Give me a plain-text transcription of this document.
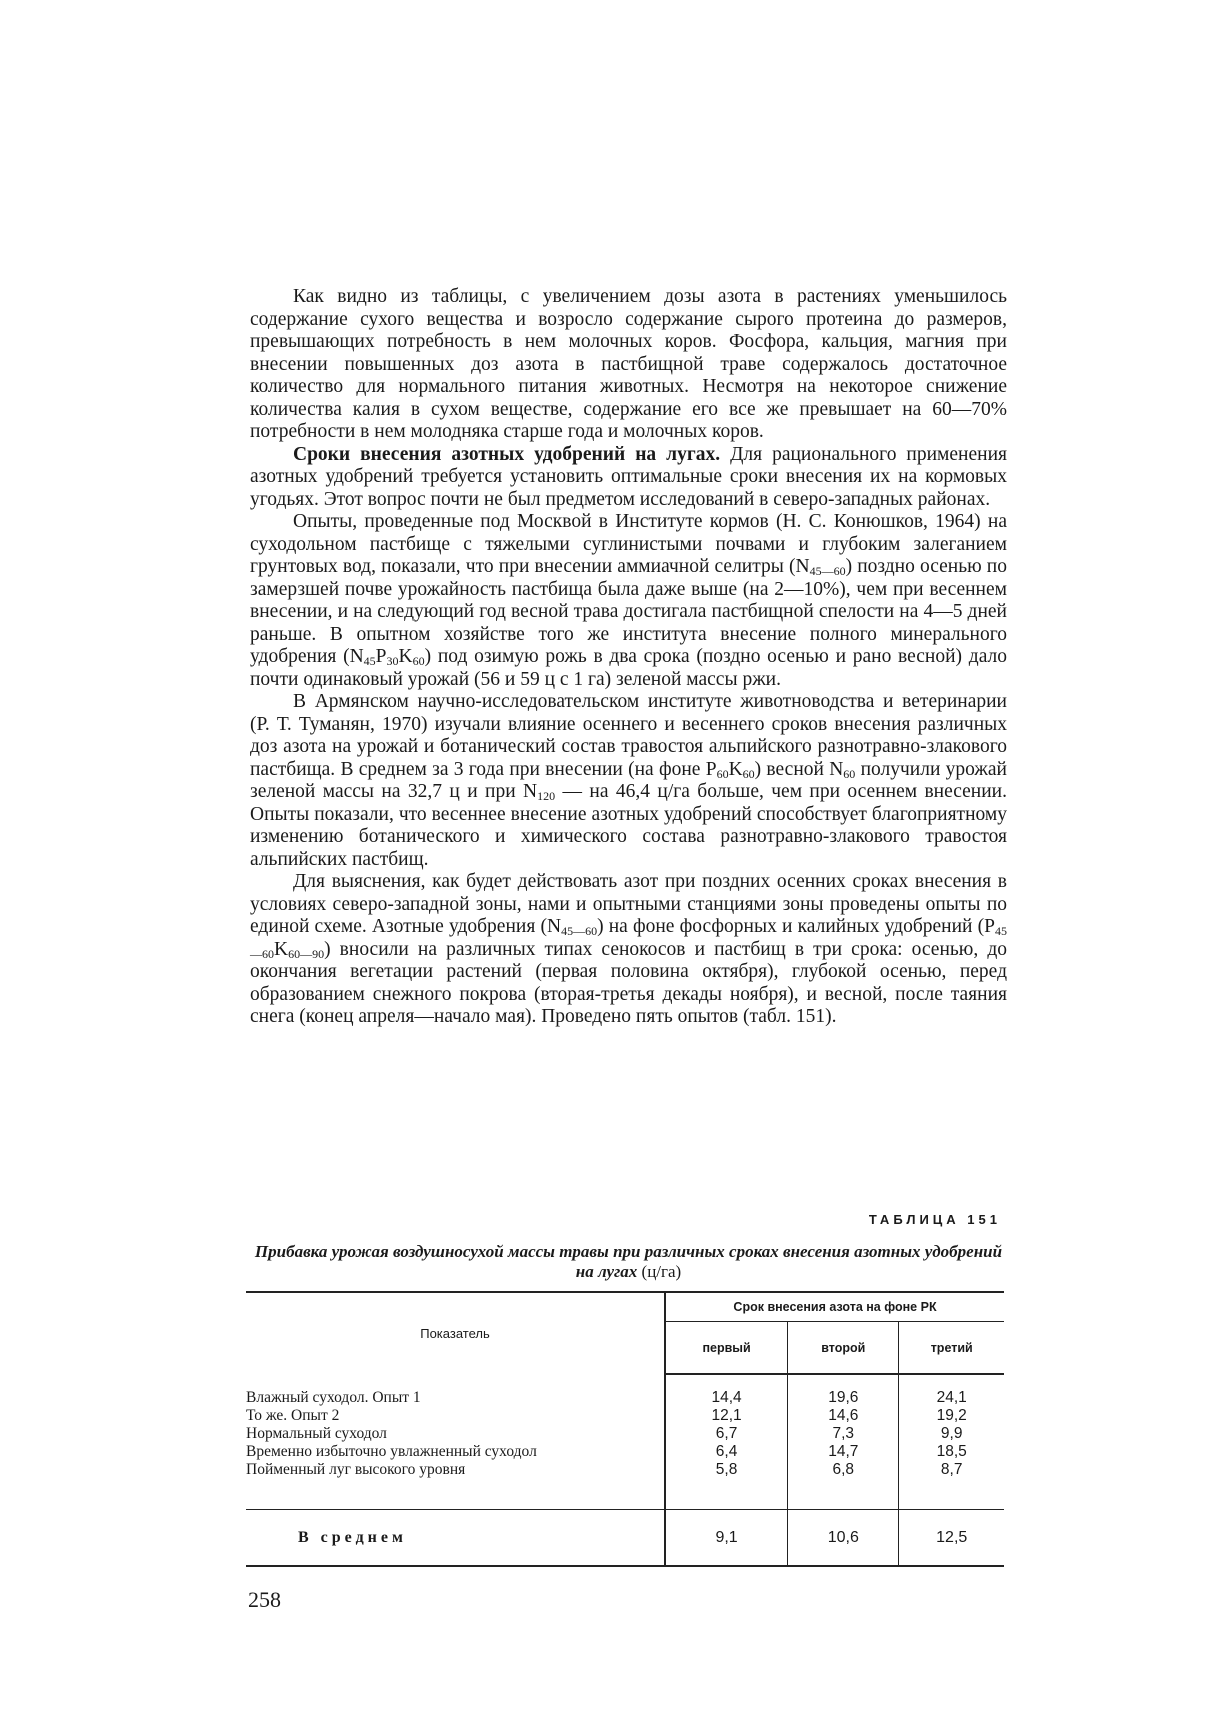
Как видно из таблицы, с увеличением дозы азота в растениях уменьшилось содержание сухого вещества и возросло содержание сырого протеина до размеров, превышающих потребность в нем молочных коров. Фосфора, кальция, магния при внесении повышенных доз азота в пастбищной траве содержалось достаточное количество для нормального питания животных. Несмотря на некоторое снижение количества калия в сухом веществе, содержание его все же превышает на 60—70% потребности в нем молодняка старше года и молочных коров.

Сроки внесения азотных удобрений на лугах. Для рационального применения азотных удобрений требуется установить оптимальные сроки внесения их на кормовых угодьях. Этот вопрос почти не был предметом исследований в северо-западных районах.

Опыты, проведенные под Москвой в Институте кормов (Н. С. Конюшков, 1964) на суходольном пастбище с тяжелыми суглинистыми почвами и глубоким залеганием грунтовых вод, показали, что при внесении аммиачной селитры $(N_{45—60})$ поздно осенью по замерзшей почве урожайность пастбища была даже выше (на 2—10%), чем при весеннем внесении, и на следующий год весной трава достигала пастбищной спелости на 4—5 дней раньше. В опытном хозяйстве того же института внесение полного минерального удобрения $(N_{45}P_{30}K_{60})$ под озимую рожь в два срока (поздно осенью и рано весной) дало почти одинаковый урожай (56 и 59 ц с 1 га) зеленой массы ржи.

В Армянском научно-исследовательском институте животноводства и ветеринарии (Р. Т. Туманян, 1970) изучали влияние осеннего и весеннего сроков внесения различных доз азота на урожай и ботанический состав травостоя альпийского разнотравно-злакового пастбища. В среднем за 3 года при внесении (на фоне $P_{60}K_{60}$) весной $N_{60}$ получили урожай зеленой массы на 32,7 ц и при $N_{120}$ — на 46,4 ц/га больше, чем при осеннем внесении. Опыты показали, что весеннее внесение азотных удобрений способствует благоприятному изменению ботанического и химического состава разнотравно-злакового травостоя альпийских пастбищ.

Для выяснения, как будет действовать азот при поздних осенних сроках внесения в условиях северо-западной зоны, нами и опытными станциями зоны проведены опыты по единой схеме. Азотные удобрения $(N_{45—60})$ на фоне фосфорных и калийных удобрений $(P_{45—60}K_{60—90})$ вносили на различных типах сенокосов и пастбищ в три срока: осенью, до окончания вегетации растений (первая половина октября), глубокой осенью, перед образованием снежного покрова (вторая-третья декады ноября), и весной, после таяния снега (конец апреля—начало мая). Проведено пять опытов (табл. 151).

ТАБЛИЦА 151
Прибавка урожая воздушносухой массы травы при различных сроках внесения азотных удобрений на лугах (ц/га)
Показатель	Срок внесения азота на фоне РК		
	первый	второй	третий
Влажный суходол. Опыт 1	14,4	19,6	24,1
То же. Опыт 2	12,1	14,6	19,2
Нормальный суходол	6,7	7,3	9,9
Временно избыточно увлажненный суходол	6,4	14,7	18,5
Пойменный луг высокого уровня	5,8	6,8	8,7
В среднем	9,1	10,6	12,5
258
